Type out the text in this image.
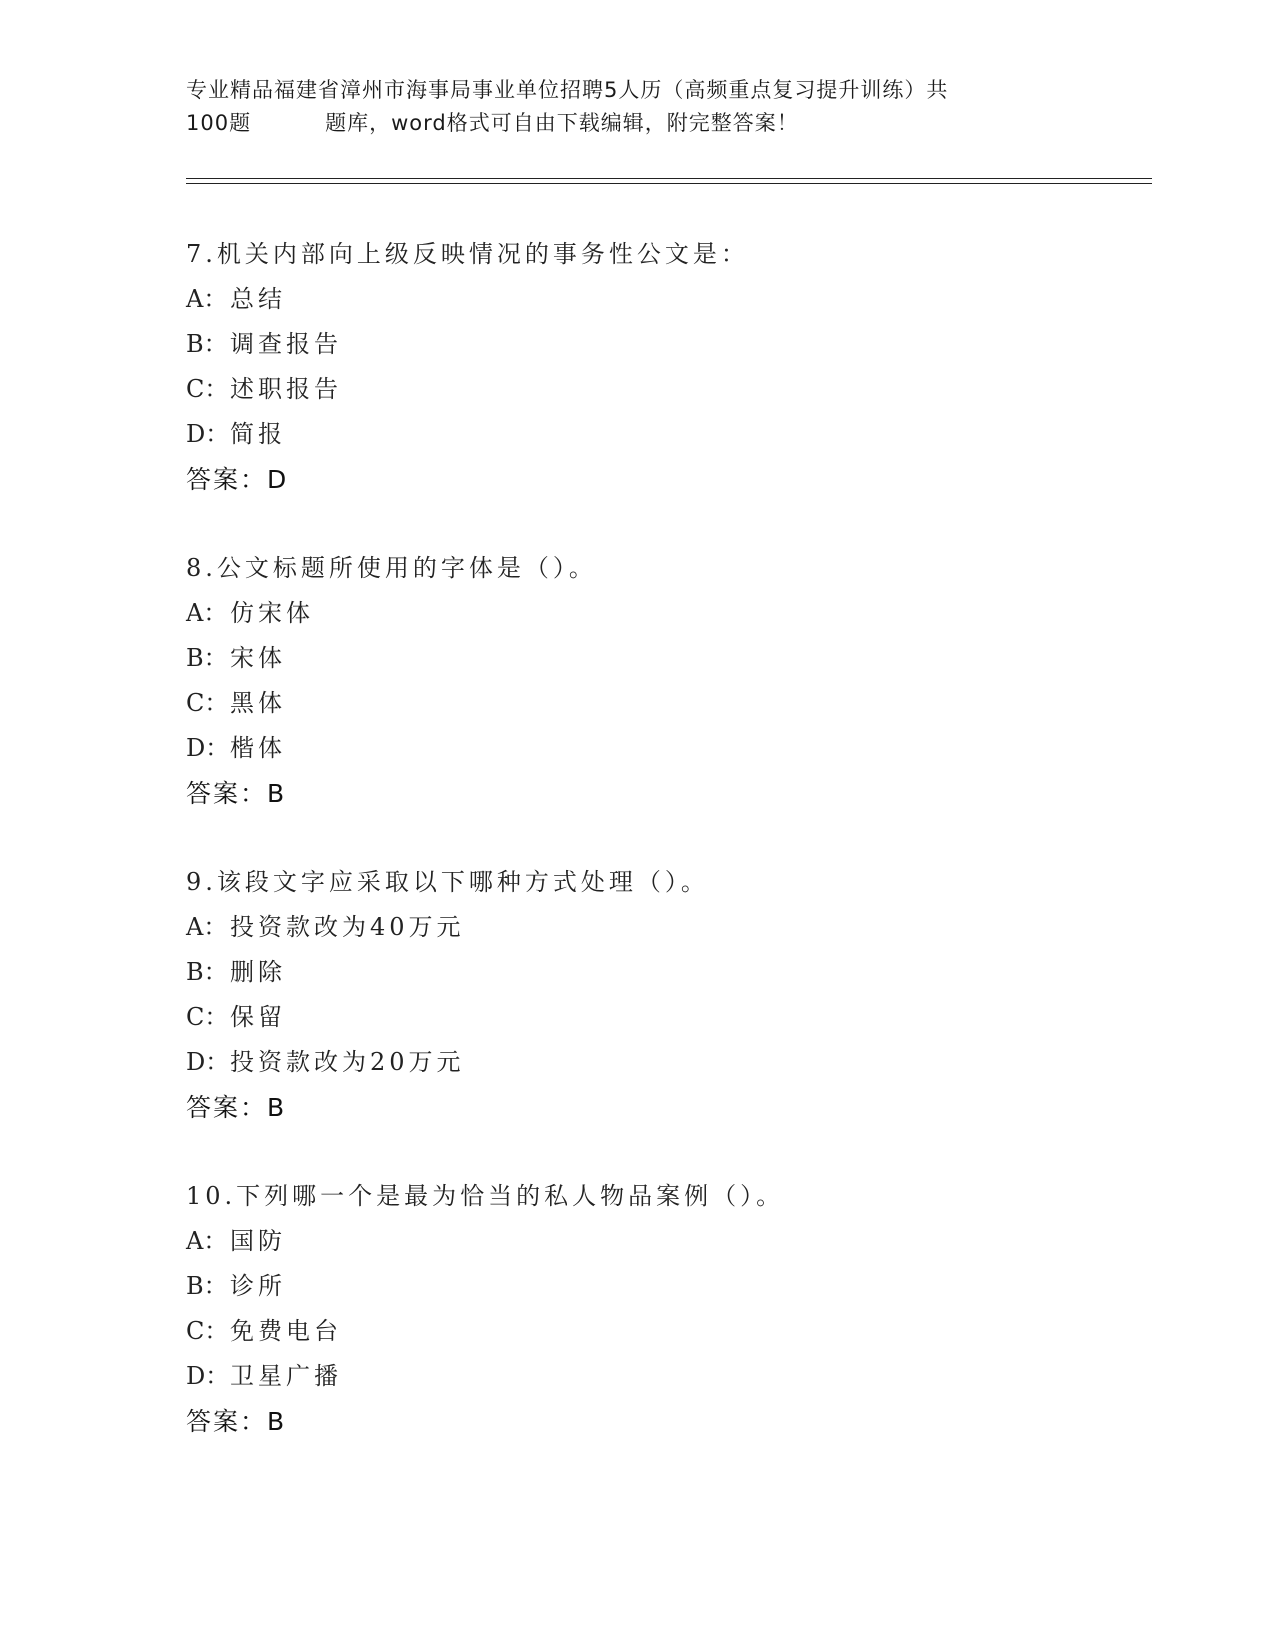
专业精品福建省漳州市海事局事业单位招聘5人历（高频重点复习提升训练）共
100题	题库，word格式可自由下载编辑，附完整答案！
7.机关内部向上级反映情况的事务性公文是：
A： 总结
B：调查报告
C：述职报告
D：简报
答案：D
8.公文标题所使用的字体是（）。
A： 仿宋体
B：宋体
C：黑体
D：楷体
答案：B
9.该段文字应采取以下哪种方式处理（）。
A： 投资款改为40万元
B：删除
C：保留
D：投资款改为20万元
答案：B
10.下列哪一个是最为恰当的私人物品案例（）。
A： 国防
B：诊所
C：免费电台
D：卫星广播
答案：B
